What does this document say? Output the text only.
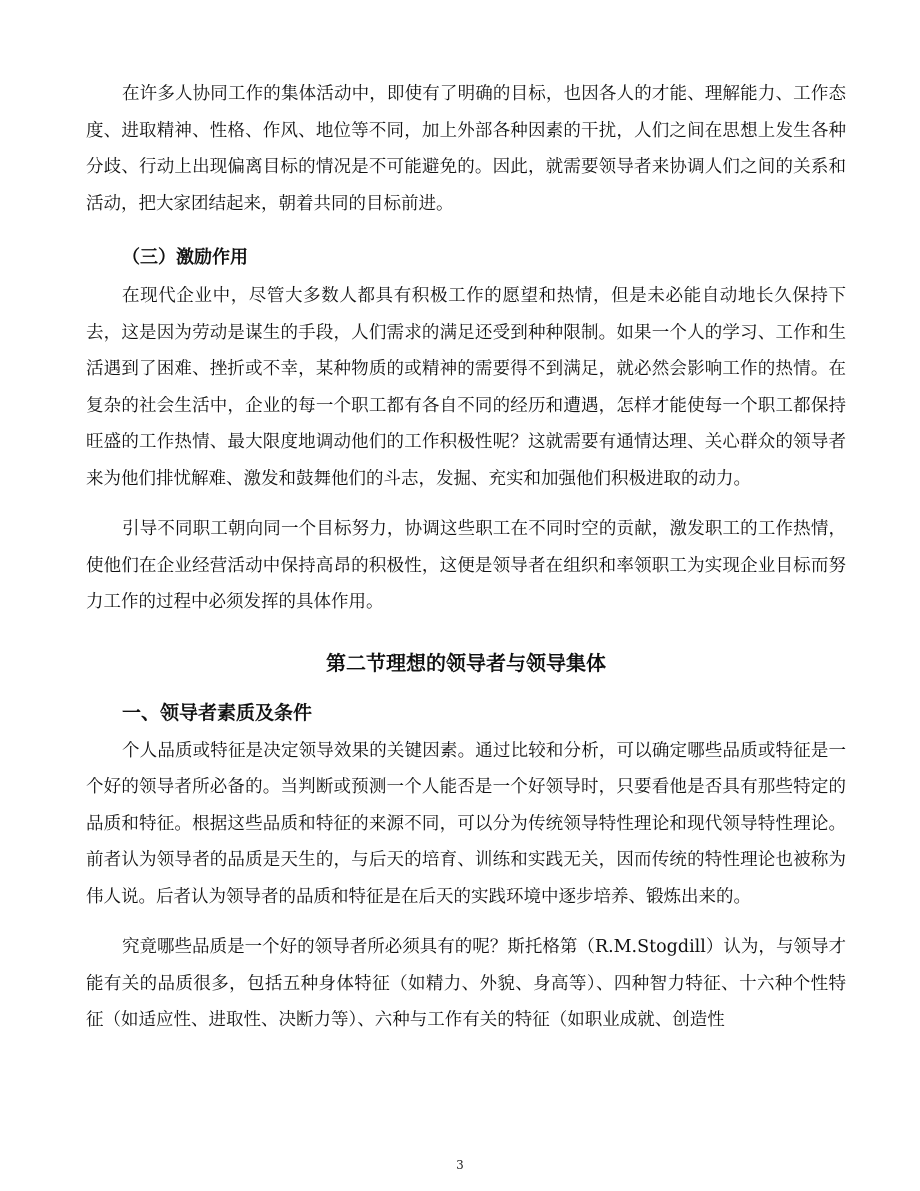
在许多人协同工作的集体活动中，即使有了明确的目标，也因各人的才能、理解能力、工作态度、进取精神、性格、作风、地位等不同，加上外部各种因素的干扰，人们之间在思想上发生各种分歧、行动上出现偏离目标的情况是不可能避免的。因此，就需要领导者来协调人们之间的关系和活动，把大家团结起来，朝着共同的目标前进。

（三）激励作用

在现代企业中，尽管大多数人都具有积极工作的愿望和热情，但是未必能自动地长久保持下去，这是因为劳动是谋生的手段，人们需求的满足还受到种种限制。如果一个人的学习、工作和生活遇到了困难、挫折或不幸，某种物质的或精神的需要得不到满足，就必然会影响工作的热情。在复杂的社会生活中，企业的每一个职工都有各自不同的经历和遭遇，怎样才能使每一个职工都保持旺盛的工作热情、最大限度地调动他们的工作积极性呢？这就需要有通情达理、关心群众的领导者来为他们排忧解难、激发和鼓舞他们的斗志，发掘、充实和加强他们积极进取的动力。

引导不同职工朝向同一个目标努力，协调这些职工在不同时空的贡献，激发职工的工作热情，使他们在企业经营活动中保持高昂的积极性，这便是领导者在组织和率领职工为实现企业目标而努力工作的过程中必须发挥的具体作用。

第二节理想的领导者与领导集体

一、领导者素质及条件

个人品质或特征是决定领导效果的关键因素。通过比较和分析，可以确定哪些品质或特征是一个好的领导者所必备的。当判断或预测一个人能否是一个好领导时，只要看他是否具有那些特定的品质和特征。根据这些品质和特征的来源不同，可以分为传统领导特性理论和现代领导特性理论。前者认为领导者的品质是天生的，与后天的培育、训练和实践无关，因而传统的特性理论也被称为伟人说。后者认为领导者的品质和特征是在后天的实践环境中逐步培养、锻炼出来的。

究竟哪些品质是一个好的领导者所必须具有的呢？斯托格第（R.M.Stogdill）认为，与领导才能有关的品质很多，包括五种身体特征（如精力、外貌、身高等）、四种智力特征、十六种个性特征（如适应性、进取性、决断力等）、六种与工作有关的特征（如职业成就、创造性

3
